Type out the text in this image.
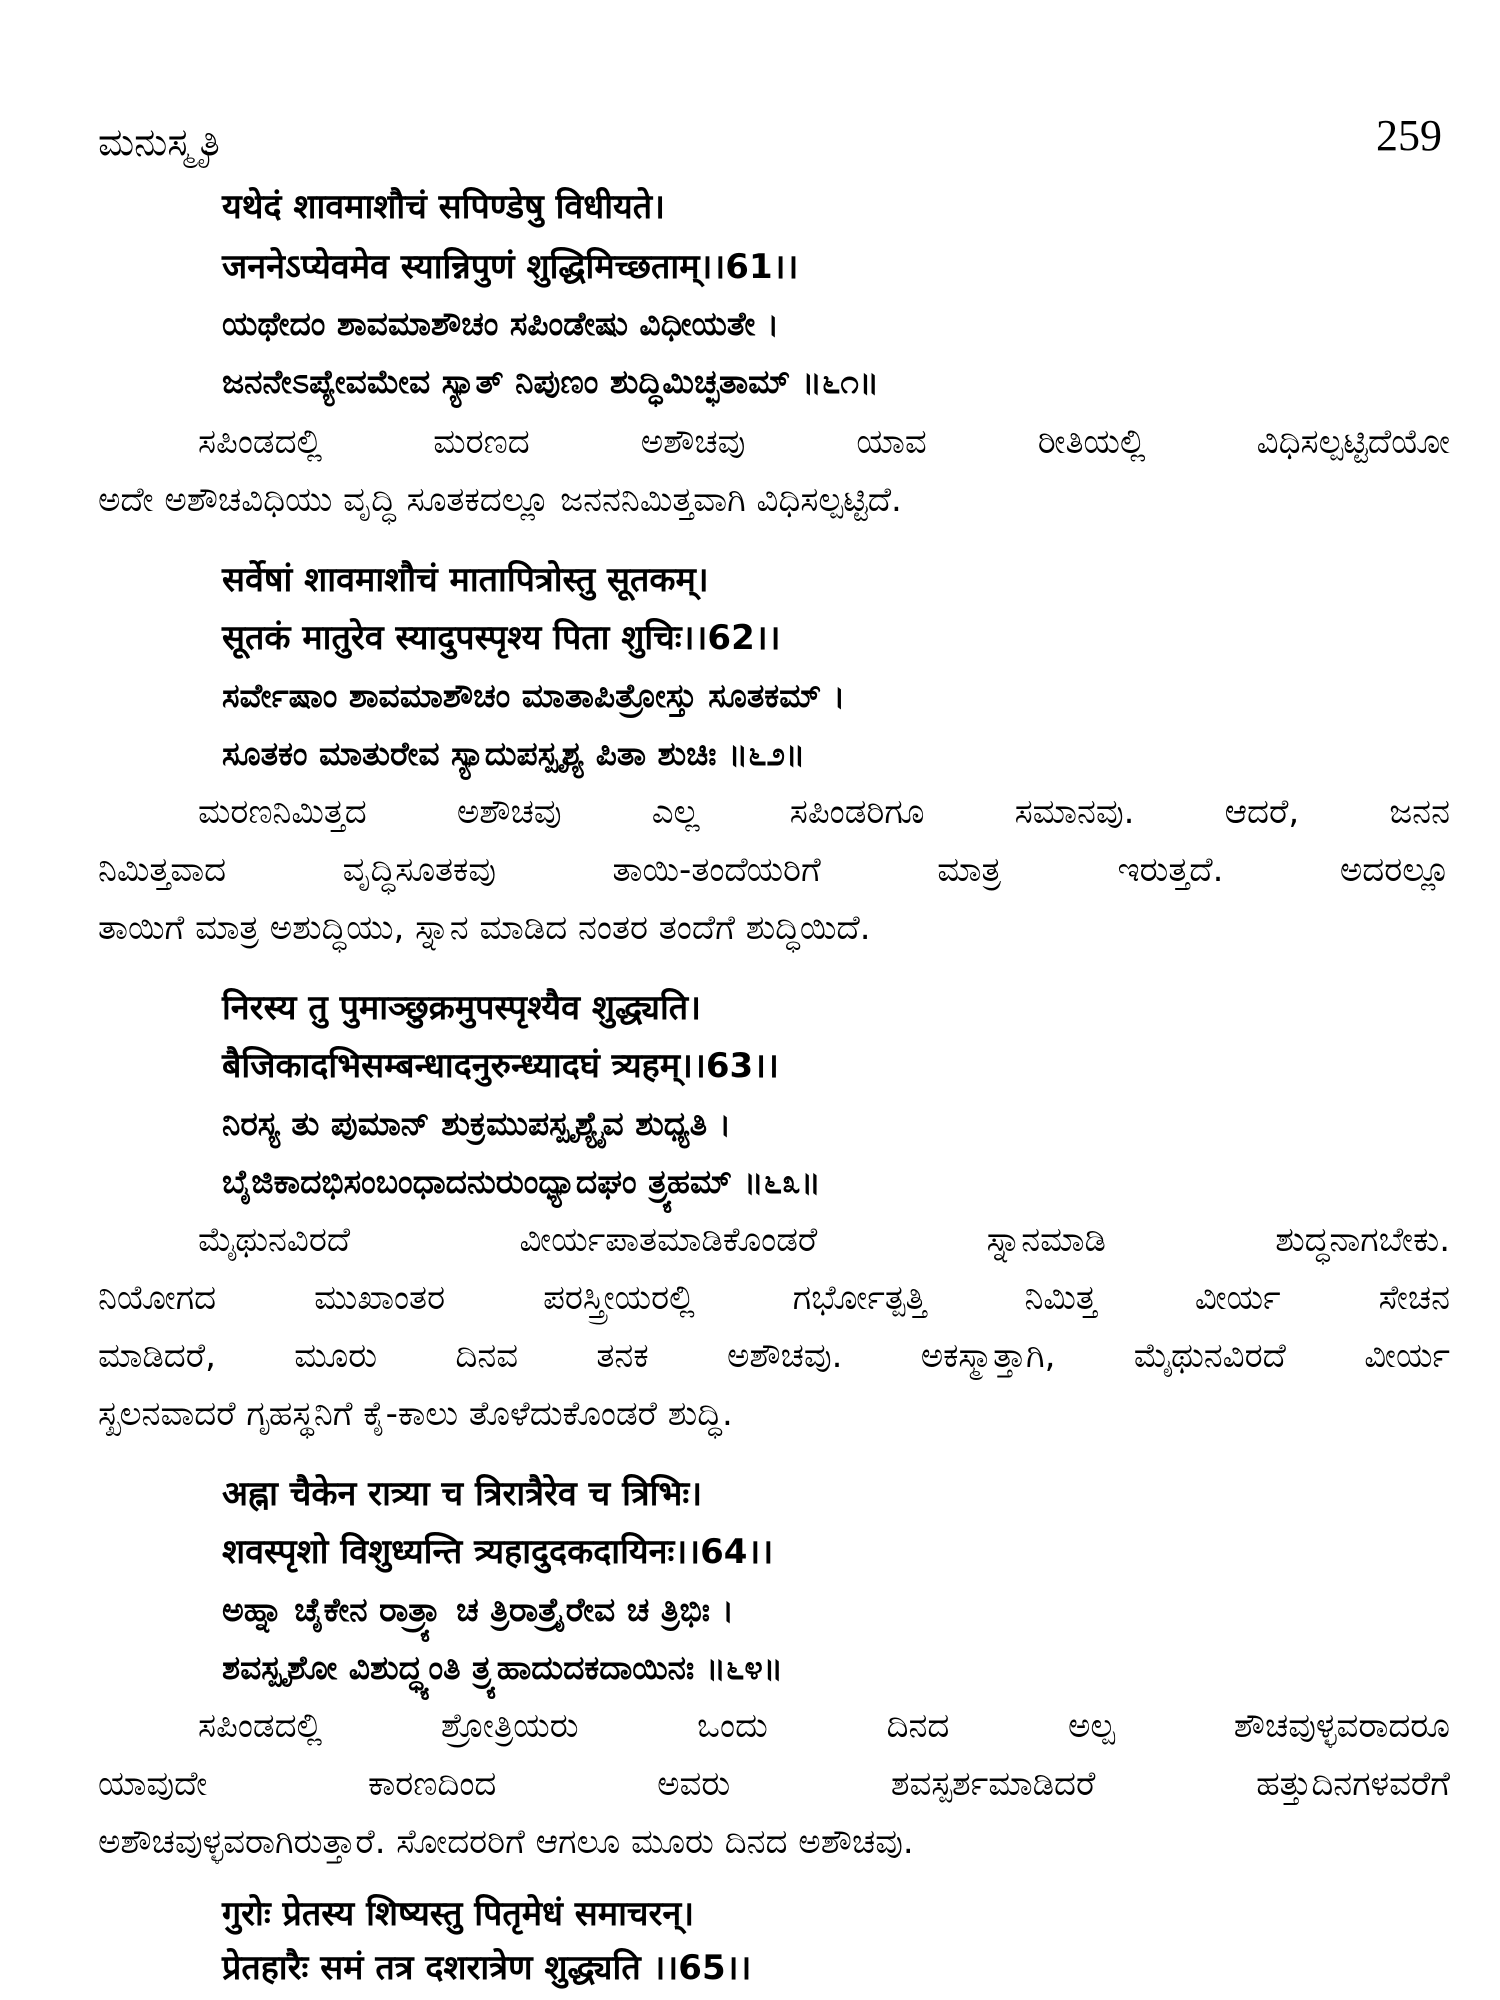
ಮನುಸ್ಮೃತಿ	259
यथेदं शावमाशौचं सपिण्डेषु विधीयते।
जननेऽप्येवमेव स्यान्निपुणं शुद्धिमिच्छताम्।।61।।
ಯಥೇದಂ ಶಾವಮಾಶೌಚಂ ಸಪಿಂಡೇಷು ವಿಧೀಯತೇ ।
ಜನನೇಽಪ್ಯೇವಮೇವ ಸ್ಯಾತ್ ನಿಪುಣಂ ಶುದ್ಧಿಮಿಚ್ಛತಾಮ್ ॥೬೧॥
ಸಪಿಂಡದಲ್ಲಿ ಮರಣದ ಅಶೌಚವು ಯಾವ ರೀತಿಯಲ್ಲಿ ವಿಧಿಸಲ್ಪಟ್ಟಿದೆಯೋ
ಅದೇ ಅಶೌಚವಿಧಿಯು ವೃದ್ಧಿ ಸೂತಕದಲ್ಲೂ ಜನನನಿಮಿತ್ತವಾಗಿ ವಿಧಿಸಲ್ಪಟ್ಟಿದೆ.
सर्वेषां शावमाशौचं मातापित्रोस्तु सूतकम्।
सूतकं मातुरेव स्यादुपस्पृश्य पिता शुचिः।।62।।
ಸರ್ವೇಷಾಂ ಶಾವಮಾಶೌಚಂ ಮಾತಾಪಿತ್ರೋಸ್ತು ಸೂತಕಮ್ ।
ಸೂತಕಂ ಮಾತುರೇವ ಸ್ಯಾದುಪಸ್ಪೃಶ್ಯ ಪಿತಾ ಶುಚಿಃ ॥೬೨॥
ಮರಣನಿಮಿತ್ತದ ಅಶೌಚವು ಎಲ್ಲ ಸಪಿಂಡರಿಗೂ ಸಮಾನವು. ಆದರೆ, ಜನನ
ನಿಮಿತ್ತವಾದ ವೃದ್ಧಿಸೂತಕವು ತಾಯಿ-ತಂದೆಯರಿಗೆ ಮಾತ್ರ ಇರುತ್ತದೆ. ಅದರಲ್ಲೂ
ತಾಯಿಗೆ ಮಾತ್ರ ಅಶುದ್ಧಿಯು, ಸ್ನಾನ ಮಾಡಿದ ನಂತರ ತಂದೆಗೆ ಶುದ್ಧಿಯಿದೆ.
निरस्य तु पुमाञ्छुक्रमुपस्पृश्यैव शुद्ध्यति।
बैजिकादभिसम्बन्धादनुरुन्ध्यादघं त्र्यहम्।।63।।
ನಿರಸ್ಯ ತು ಪುಮಾನ್ ಶುಕ್ರಮುಪಸ್ಪೃಶ್ಯೈವ ಶುಧ್ಯತಿ ।
ಬೈಜಿಕಾದಭಿಸಂಬಂಧಾದನುರುಂಧ್ಯಾದಘಂ ತ್ರ್ಯಹಮ್ ॥೬೩॥
ಮೈಥುನವಿರದೆ ವೀರ್ಯಪಾತಮಾಡಿಕೊಂಡರೆ ಸ್ನಾನಮಾಡಿ ಶುದ್ಧನಾಗಬೇಕು.
ನಿಯೋಗದ ಮುಖಾಂತರ ಪರಸ್ತ್ರೀಯರಲ್ಲಿ ಗರ್ಭೋತ್ಪತ್ತಿ ನಿಮಿತ್ತ ವೀರ್ಯ ಸೇಚನ
ಮಾಡಿದರೆ, ಮೂರು ದಿನವ ತನಕ ಅಶೌಚವು. ಅಕಸ್ಮಾತ್ತಾಗಿ, ಮೈಥುನವಿರದೆ ವೀರ್ಯ
ಸ್ಖಲನವಾದರೆ ಗೃಹಸ್ಥನಿಗೆ ಕೈ-ಕಾಲು ತೊಳೆದುಕೊಂಡರೆ ಶುದ್ಧಿ.
अह्ना चैकेन रात्र्या च त्रिरात्रैरेव च त्रिभिः।
शवस्पृशो विशुध्यन्ति त्र्यहादुदकदायिनः।।64।।
ಅಹ್ನಾ ಚೈಕೇನ ರಾತ್ರ್ಯಾ ಚ ತ್ರಿರಾತ್ರೈರೇವ ಚ ತ್ರಿಭಿಃ ।
ಶವಸ್ಪೃಶೋ ವಿಶುದ್ಧ್ಯಂತಿ ತ್ರ್ಯಹಾದುದಕದಾಯಿನಃ ॥೬೪॥
ಸಪಿಂಡದಲ್ಲಿ ಶ್ರೋತ್ರಿಯರು ಒಂದು ದಿನದ ಅಲ್ಪ ಶೌಚವುಳ್ಳವರಾದರೂ
ಯಾವುದೇ ಕಾರಣದಿಂದ ಅವರು ಶವಸ್ಪರ್ಶಮಾಡಿದರೆ ಹತ್ತುದಿನಗಳವರೆಗೆ
ಅಶೌಚವುಳ್ಳವರಾಗಿರುತ್ತಾರೆ. ಸೋದರರಿಗೆ ಆಗಲೂ ಮೂರು ದಿನದ ಅಶೌಚವು.
गुरोः प्रेतस्य शिष्यस्तु पितृमेधं समाचरन्।
प्रेतहारैः समं तत्र दशरात्रेण शुद्ध्यति ।।65।।
